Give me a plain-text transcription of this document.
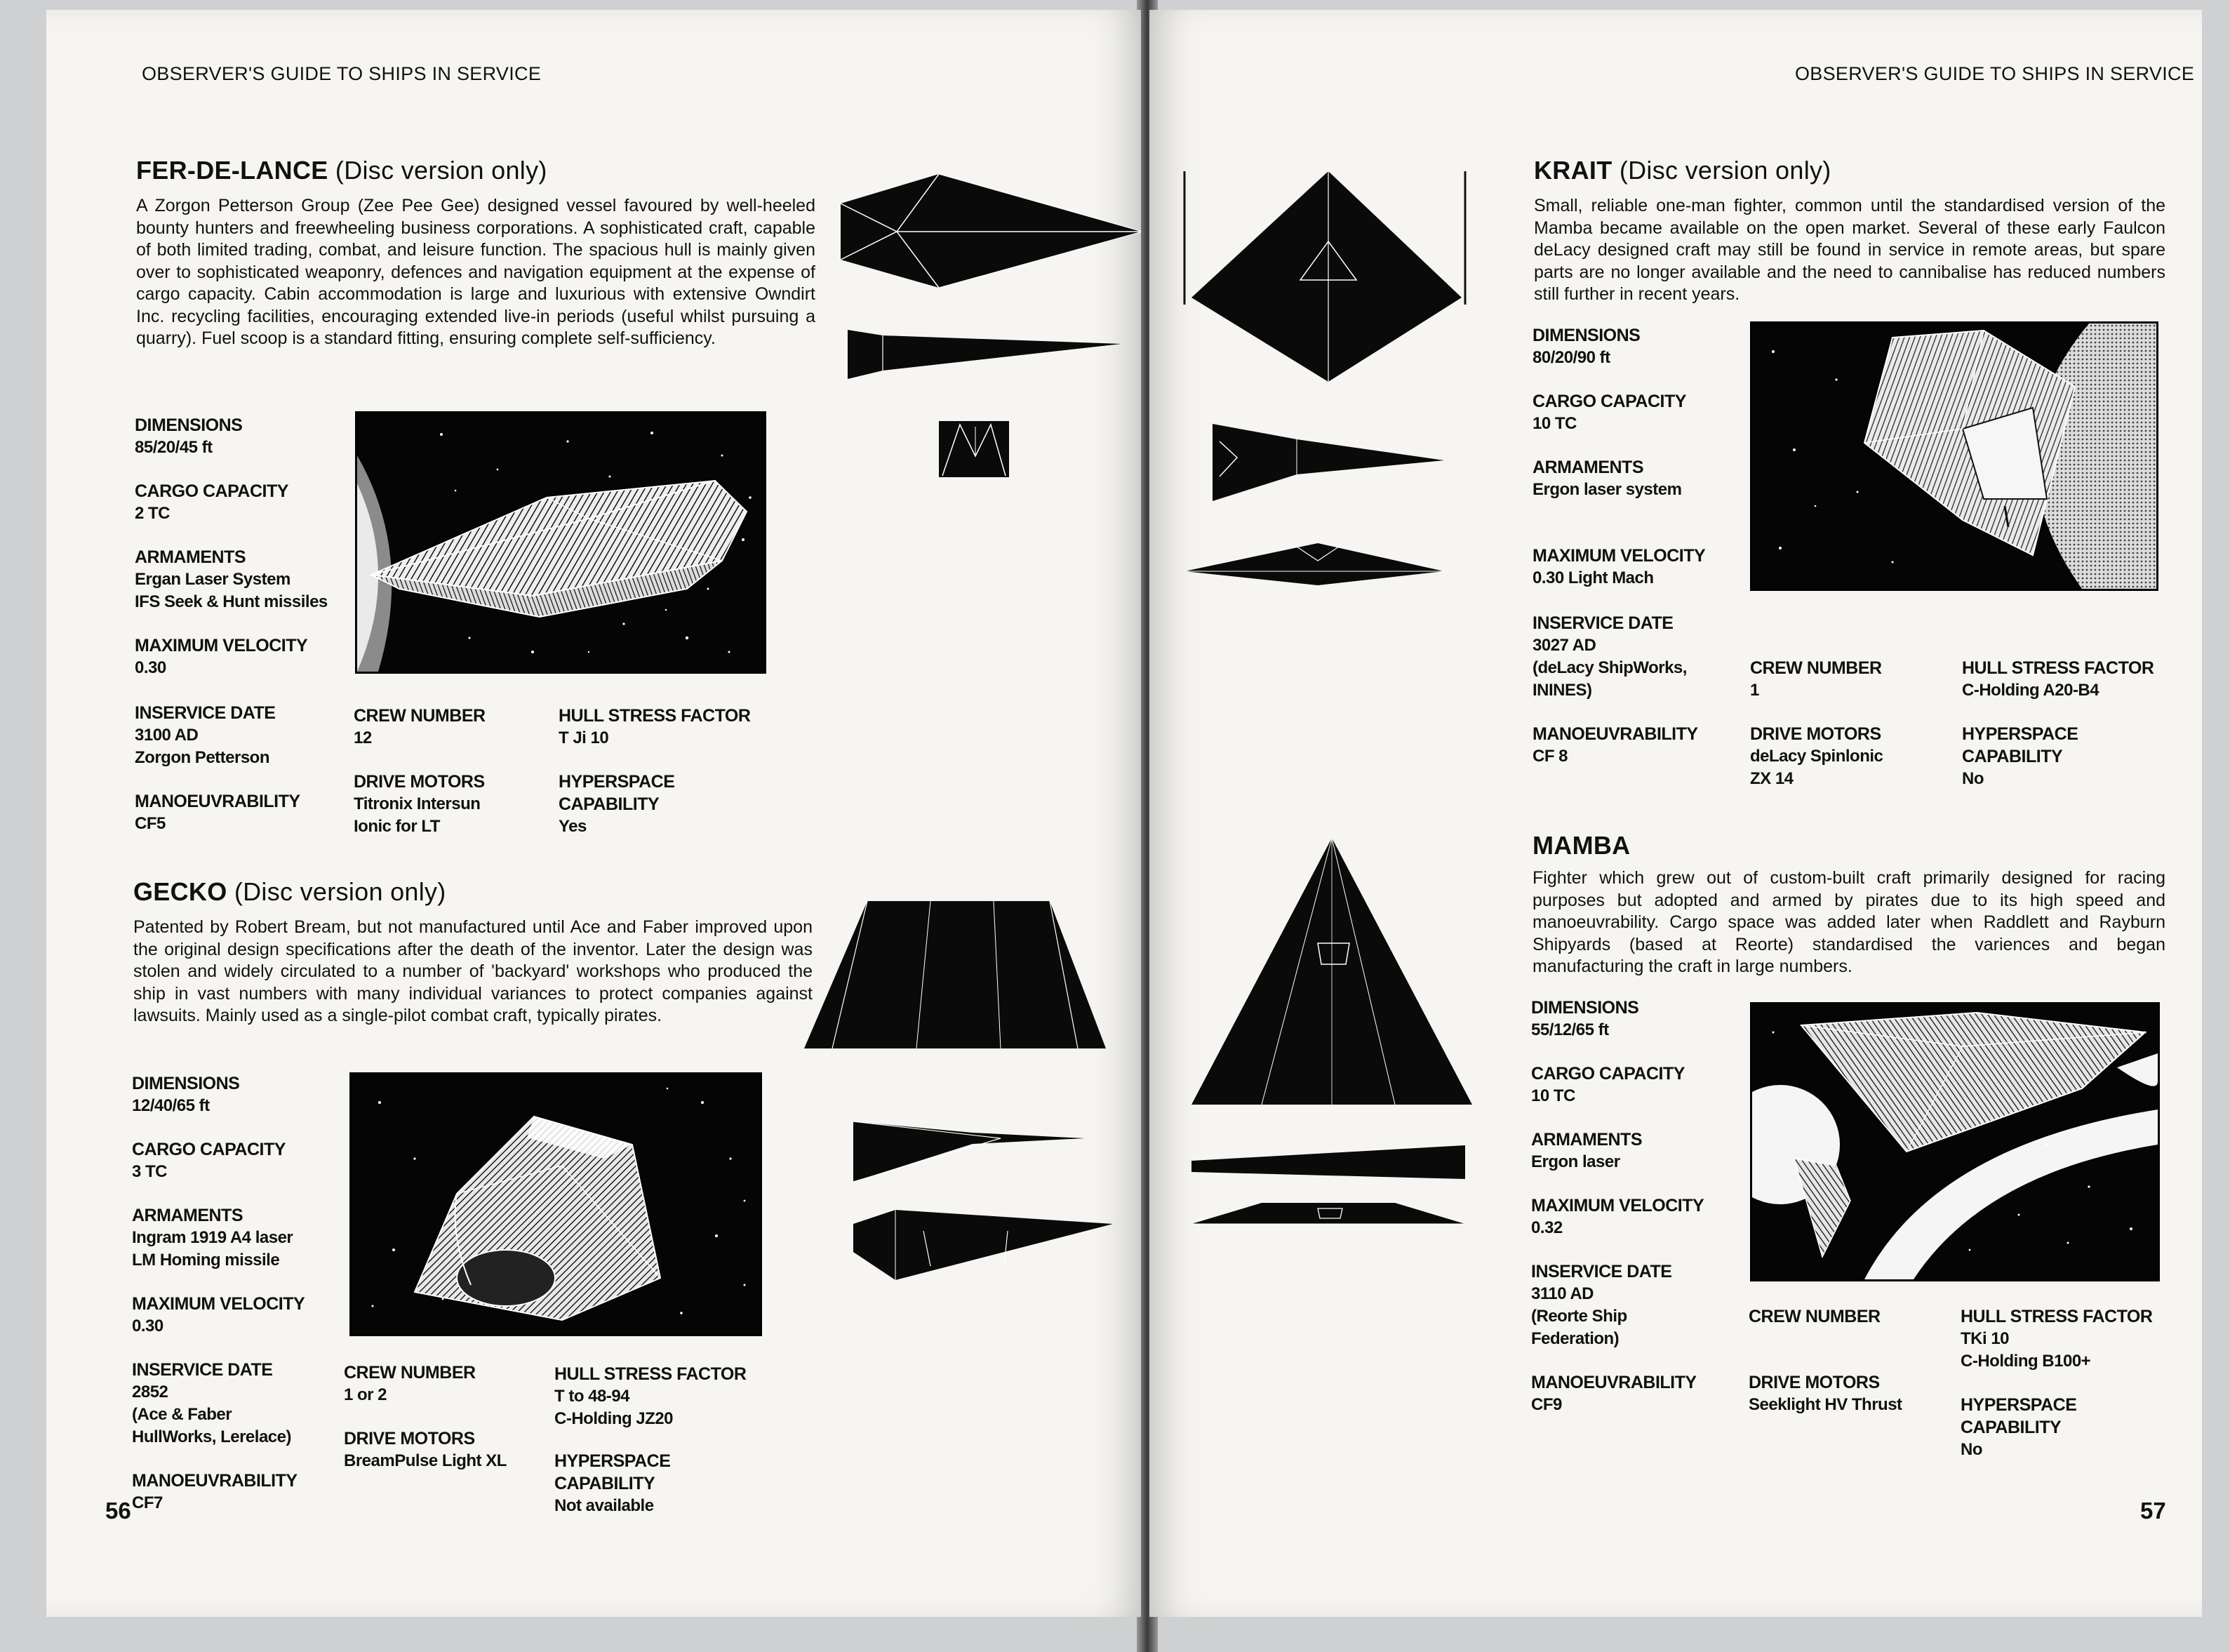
OBSERVER'S GUIDE TO SHIPS IN SERVICE
FER-DE-LANCE (Disc version only)
A Zorgon Petterson Group (Zee Pee Gee) designed vessel favoured by well-heeled bounty hunters and freewheeling business corporations. A sophisticated craft, capable of both limited trading, combat, and leisure function. The spacious hull is mainly given over to sophisticated weaponry, defences and navigation equipment at the expense of cargo capacity. Cabin accommodation is large and luxurious with extensive Owndirt Inc. recycling facilities, encouraging extended live-in periods (useful whilst pursuing a quarry). Fuel scoop is a standard fitting, ensuring complete self-sufficiency.
DIMENSIONS
85/20/45 ft
CARGO CAPACITY
2 TC
ARMAMENTS
Ergan Laser System
IFS Seek & Hunt missiles
MAXIMUM VELOCITY
0.30
INSERVICE DATE
3100 AD
Zorgon Petterson
MANOEUVRABILITY
CF5
CREW NUMBER
12
DRIVE MOTORS
Titronix Intersun
Ionic for LT
HULL STRESS FACTOR
T Ji 10
HYPERSPACE
CAPABILITY
Yes
GECKO (Disc version only)
Patented by Robert Bream, but not manufactured until Ace and Faber improved upon the original design specifications after the death of the inventor. Later the design was stolen and widely circulated to a number of 'backyard' workshops who produced the ship in vast numbers with many individual variances to protect companies against lawsuits. Mainly used as a single-pilot combat craft, typically pirates.
DIMENSIONS
12/40/65 ft
CARGO CAPACITY
3 TC
ARMAMENTS
Ingram 1919 A4 laser
LM Homing missile
MAXIMUM VELOCITY
0.30
INSERVICE DATE
2852
(Ace & Faber
HullWorks, Lerelace)
MANOEUVRABILITY
CF7
CREW NUMBER
1 or 2
DRIVE MOTORS
BreamPulse Light XL
HULL STRESS FACTOR
T to 48-94
C-Holding JZ20
HYPERSPACE
CAPABILITY
Not available
56
OBSERVER'S GUIDE TO SHIPS IN SERVICE
KRAIT (Disc version only)
Small, reliable one-man fighter, common until the standardised version of the Mamba became available on the open market. Several of these early Faulcon deLacy designed craft may still be found in service in remote areas, but spare parts are no longer available and the need to cannibalise has reduced numbers still further in recent years.
DIMENSIONS
80/20/90 ft
CARGO CAPACITY
10 TC
ARMAMENTS
Ergon laser system
MAXIMUM VELOCITY
0.30 Light Mach
INSERVICE DATE
3027 AD
(deLacy ShipWorks,
ININES)
MANOEUVRABILITY
CF 8
CREW NUMBER
1
DRIVE MOTORS
deLacy Spinlonic
ZX 14
HULL STRESS FACTOR
C-Holding A20-B4
HYPERSPACE
CAPABILITY
No
MAMBA
Fighter which grew out of custom-built craft primarily designed for racing purposes but adopted and armed by pirates due to its high speed and manoeuvrability. Cargo space was added later when Raddlett and Rayburn Shipyards (based at Reorte) standardised the variences and began manufacturing the craft in large numbers.
DIMENSIONS
55/12/65 ft
CARGO CAPACITY
10 TC
ARMAMENTS
Ergon laser
MAXIMUM VELOCITY
0.32
INSERVICE DATE
3110 AD
(Reorte Ship
Federation)
MANOEUVRABILITY
CF9
CREW NUMBER
DRIVE MOTORS
Seeklight HV Thrust
HULL STRESS FACTOR
TKi 10
C-Holding B100+
HYPERSPACE
CAPABILITY
No
57
